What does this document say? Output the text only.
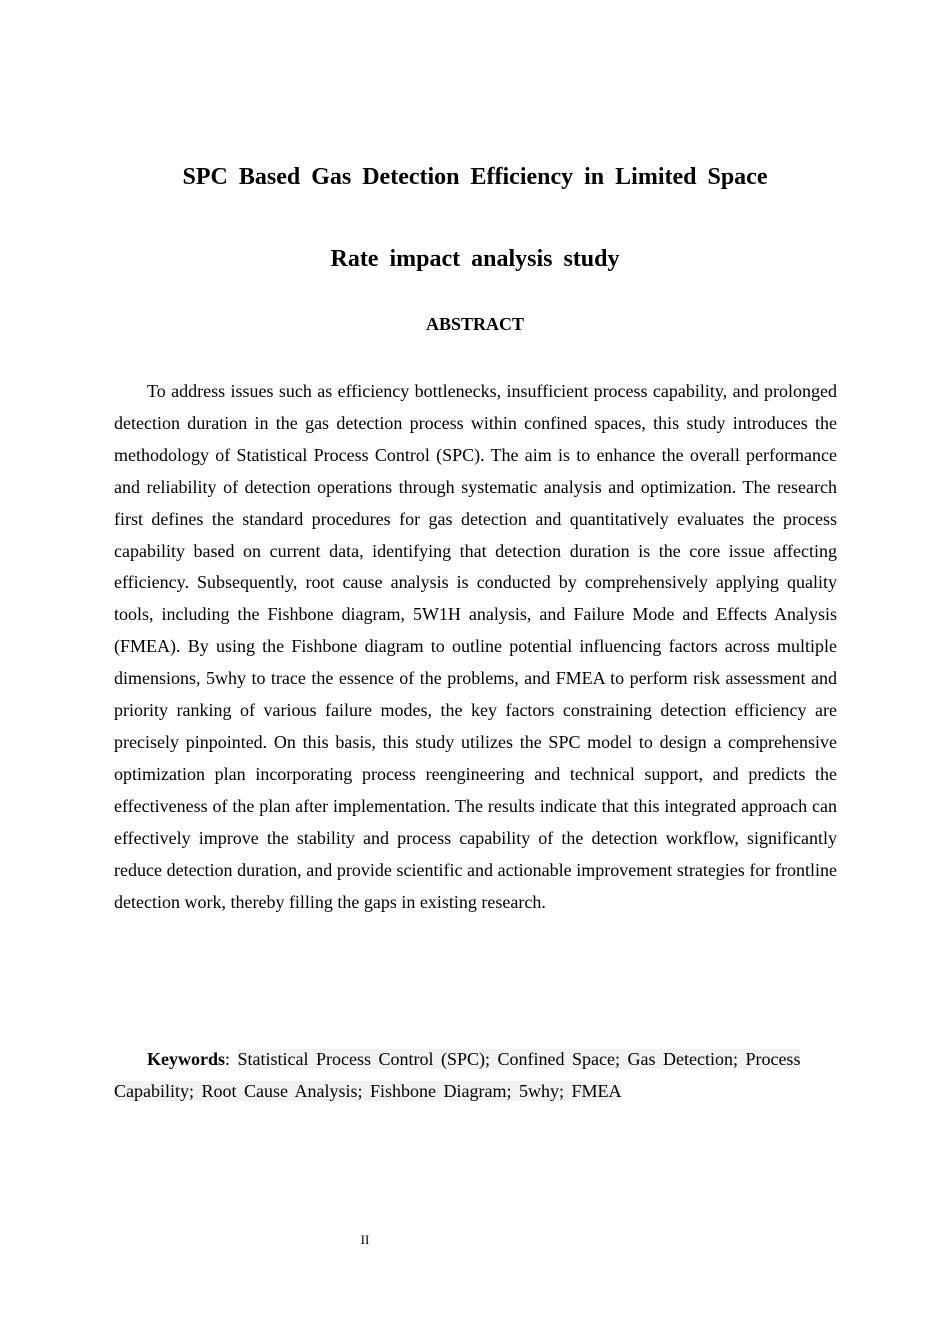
SPC Based Gas Detection Efficiency in Limited Space
Rate impact analysis study
ABSTRACT

To address issues such as efficiency bottlenecks, insufficient process capability, and prolonged detection duration in the gas detection process within confined spaces, this study introduces the methodology of Statistical Process Control (SPC). The aim is to enhance the overall performance and reliability of detection operations through systematic analysis and optimization. The research first defines the standard procedures for gas detection and quantitatively evaluates the process capability based on current data, identifying that detection duration is the core issue affecting efficiency. Subsequently, root cause analysis is conducted by comprehensively applying quality tools, including the Fishbone diagram, 5W1H analysis, and Failure Mode and Effects Analysis (FMEA). By using the Fishbone diagram to outline potential influencing factors across multiple dimensions, 5why to trace the essence of the problems, and FMEA to perform risk assessment and priority ranking of various failure modes, the key factors constraining detection efficiency are precisely pinpointed. On this basis, this study utilizes the SPC model to design a comprehensive optimization plan incorporating process reengineering and technical support, and predicts the effectiveness of the plan after implementation. The results indicate that this integrated approach can effectively improve the stability and process capability of the detection workflow, significantly reduce detection duration, and provide scientific and actionable improvement strategies for frontline detection work, thereby filling the gaps in existing research.

Keywords: Statistical Process Control (SPC); Confined Space; Gas Detection; Process Capability; Root Cause Analysis; Fishbone Diagram; 5why; FMEA

II
